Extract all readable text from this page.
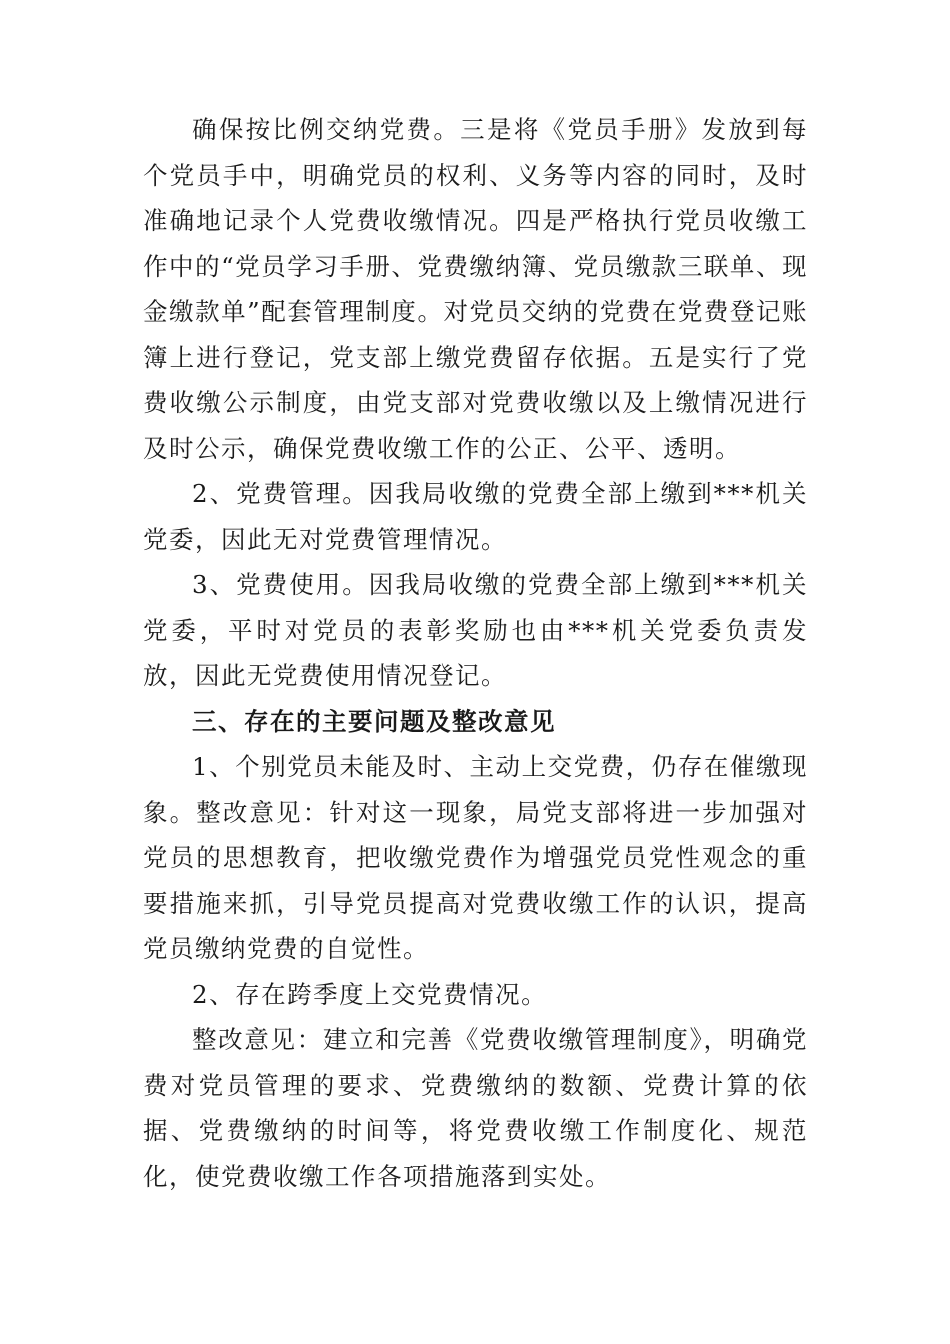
确保按比例交纳党费。三是将《党员手册》发放到每个党员手中，明确党员的权利、义务等内容的同时，及时准确地记录个人党费收缴情况。四是严格执行党员收缴工作中的“党员学习手册、党费缴纳簿、党员缴款三联单、现金缴款单”配套管理制度。对党员交纳的党费在党费登记账簿上进行登记，党支部上缴党费留存依据。五是实行了党费收缴公示制度，由党支部对党费收缴以及上缴情况进行及时公示，确保党费收缴工作的公正、公平、透明。

2、党费管理。因我局收缴的党费全部上缴到***机关党委，因此无对党费管理情况。

3、党费使用。因我局收缴的党费全部上缴到***机关党委，平时对党员的表彰奖励也由***机关党委负责发放，因此无党费使用情况登记。

三、存在的主要问题及整改意见

1、个别党员未能及时、主动上交党费，仍存在催缴现象。整改意见：针对这一现象，局党支部将进一步加强对党员的思想教育，把收缴党费作为增强党员党性观念的重要措施来抓，引导党员提高对党费收缴工作的认识，提高党员缴纳党费的自觉性。

2、存在跨季度上交党费情况。

整改意见：建立和完善《党费收缴管理制度》，明确党费对党员管理的要求、党费缴纳的数额、党费计算的依据、党费缴纳的时间等，将党费收缴工作制度化、规范化，使党费收缴工作各项措施落到实处。
